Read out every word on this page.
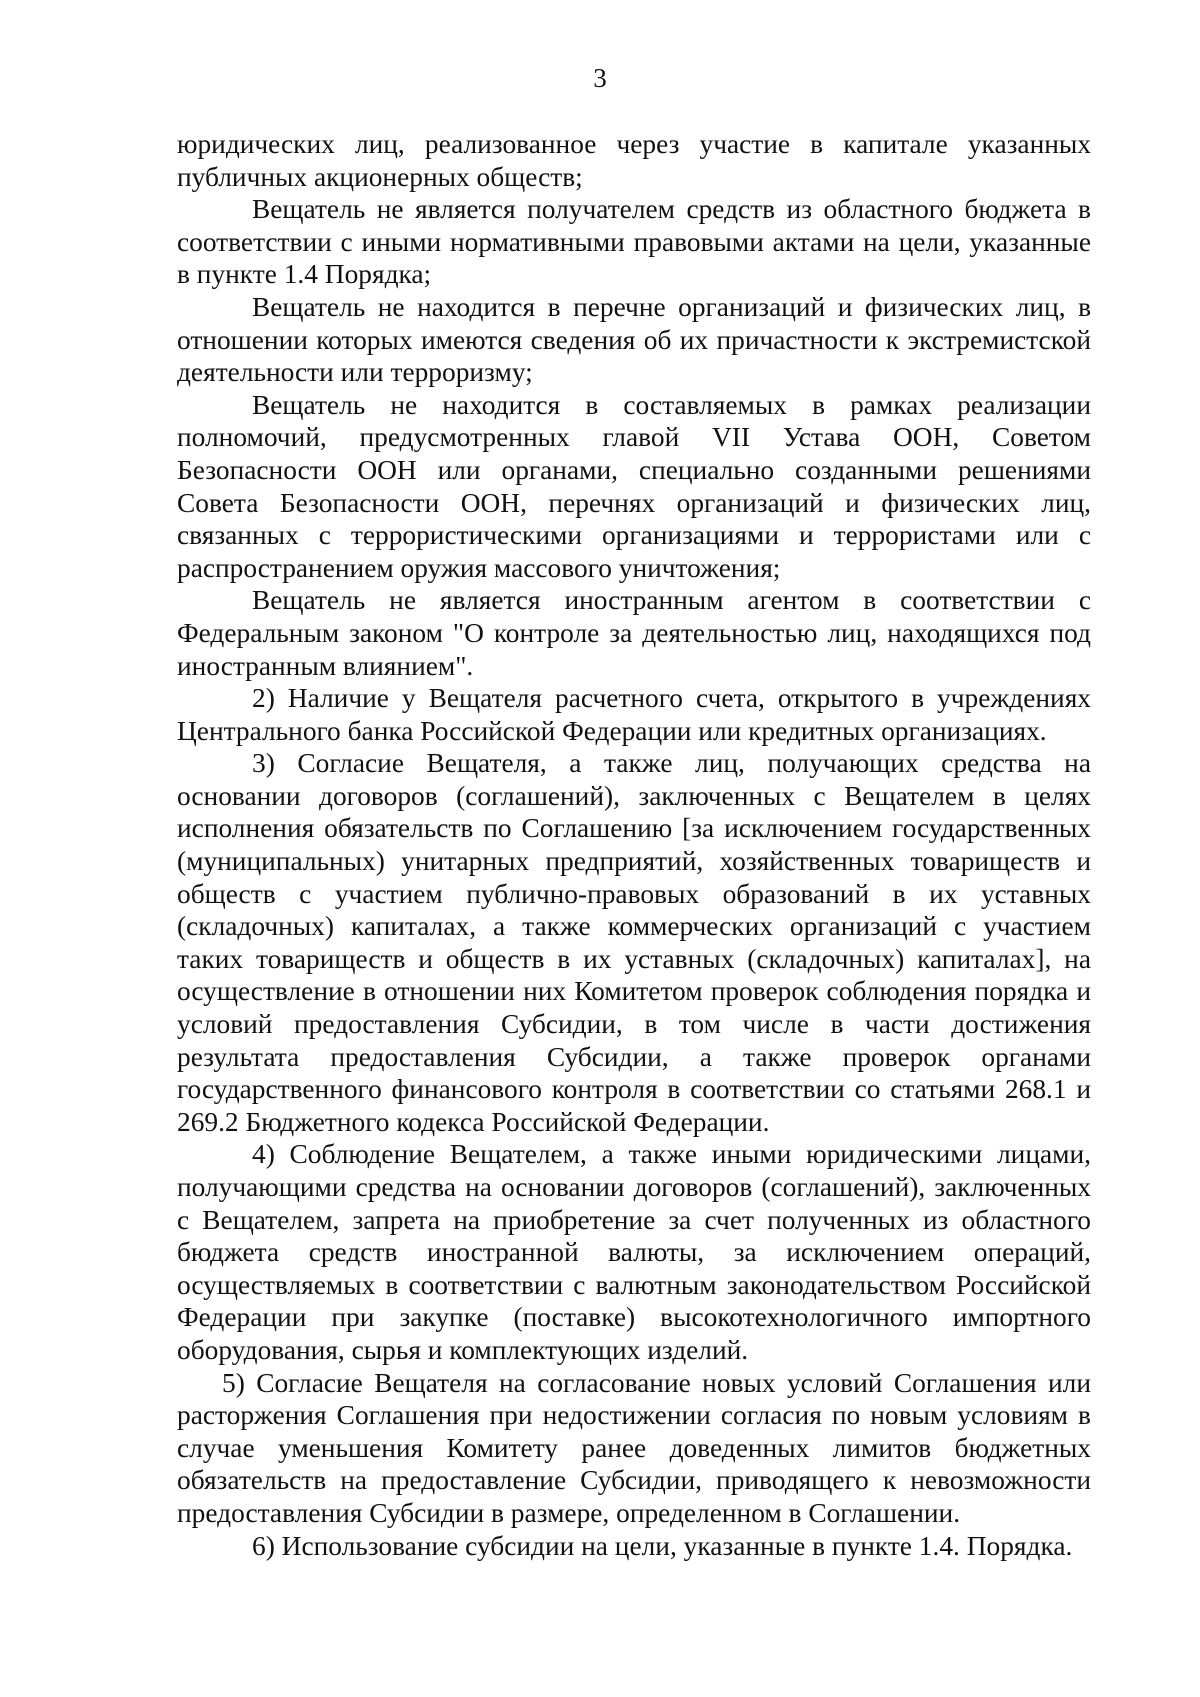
3

юридических лиц, реализованное через участие в капитале указанных публичных акционерных обществ;

Вещатель не является получателем средств из областного бюджета в соответствии с иными нормативными правовыми актами на цели, указанные в пункте 1.4 Порядка;

Вещатель не находится в перечне организаций и физических лиц, в отношении которых имеются сведения об их причастности к экстремистской деятельности или терроризму;

Вещатель не находится в составляемых в рамках реализации полномочий, предусмотренных главой VII Устава ООН, Советом Безопасности ООН или органами, специально созданными решениями Совета Безопасности ООН, перечнях организаций и физических лиц, связанных с террористическими организациями и террористами или с распространением оружия массового уничтожения;

Вещатель не является иностранным агентом в соответствии с Федеральным законом "О контроле за деятельностью лиц, находящихся под иностранным влиянием".

2) Наличие у Вещателя расчетного счета, открытого в учреждениях Центрального банка Российской Федерации или кредитных организациях.

3) Согласие Вещателя, а также лиц, получающих средства на основании договоров (соглашений), заключенных с Вещателем в целях исполнения обязательств по Соглашению [за исключением государственных (муниципальных) унитарных предприятий, хозяйственных товариществ и обществ с участием публично-правовых образований в их уставных (складочных) капиталах, а также коммерческих организаций с участием таких товариществ и обществ в их уставных (складочных) капиталах], на осуществление в отношении них Комитетом проверок соблюдения порядка и условий предоставления Субсидии, в том числе в части достижения результата предоставления Субсидии, а также проверок органами государственного финансового контроля в соответствии со статьями 268.1 и 269.2 Бюджетного кодекса Российской Федерации.

4) Соблюдение Вещателем, а также иными юридическими лицами, получающими средства на основании договоров (соглашений), заключенных с Вещателем, запрета на приобретение за счет полученных из областного бюджета средств иностранной валюты, за исключением операций, осуществляемых в соответствии с валютным законодательством Российской Федерации при закупке (поставке) высокотехнологичного импортного оборудования, сырья и комплектующих изделий.

5) Согласие Вещателя на согласование новых условий Соглашения или расторжения Соглашения при недостижении согласия по новым условиям в случае уменьшения Комитету ранее доведенных лимитов бюджетных обязательств на предоставление Субсидии, приводящего к невозможности предоставления Субсидии в размере, определенном в Соглашении.

6) Использование субсидии на цели, указанные в пункте 1.4. Порядка.
